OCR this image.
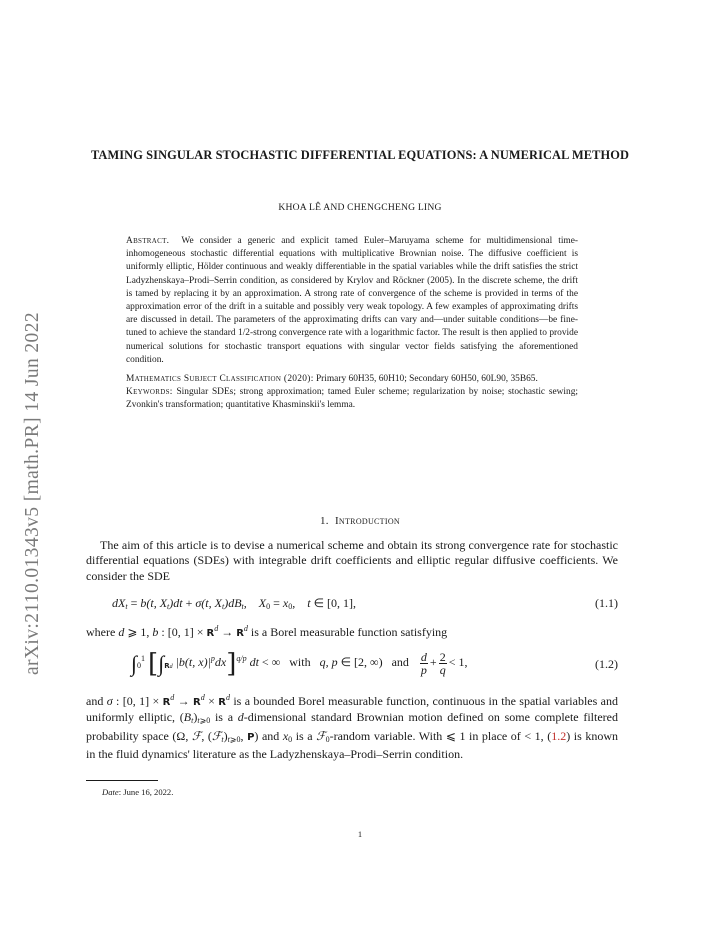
arXiv:2110.01343v5 [math.PR] 14 Jun 2022
TAMING SINGULAR STOCHASTIC DIFFERENTIAL EQUATIONS: A NUMERICAL METHOD
KHOA LÊ AND CHENGCHENG LING

Abstract. We consider a generic and explicit tamed Euler–Maruyama scheme for multidimensional time-inhomogeneous stochastic differential equations with multiplicative Brownian noise. The diffusive coefficient is uniformly elliptic, Hölder continuous and weakly differentiable in the spatial variables while the drift satisfies the strict Ladyzhenskaya–Prodi–Serrin condition, as considered by Krylov and Röckner (2005). In the discrete scheme, the drift is tamed by replacing it by an approximation. A strong rate of convergence of the scheme is provided in terms of the approximation error of the drift in a suitable and possibly very weak topology. A few examples of approximating drifts are discussed in detail. The parameters of the approximating drifts can vary and—under suitable conditions—be fine-tuned to achieve the standard 1/2-strong convergence rate with a logarithmic factor. The result is then applied to provide numerical solutions for stochastic transport equations with singular vector fields satisfying the aforementioned condition.

Mathematics Subject Classification (2020): Primary 60H35, 60H10; Secondary 60H50, 60L90, 35B65.

Keywords: Singular SDEs; strong approximation; tamed Euler scheme; regularization by noise; stochastic sewing; Zvonkin's transformation; quantitative Khasminskii's lemma.

1. Introduction

The aim of this article is to devise a numerical scheme and obtain its strong convergence rate for stochastic differential equations (SDEs) with integrable drift coefficients and elliptic regular diffusive coefficients. We consider the SDE

$dX_t = b(t$, $X_t)dt + \sigma(t$, $X_t)dB_t$,    $X_0 = x_0$,    t ∈ [0, 1],	(1.1)

where d ⩾ 1, b : [0, $1] \times R^d \to R^d$ is a Borel measurable function satisfying

$\int_0^1$ [$\int_{Rd}$ |b(t, $x)|^pdx]^{q/p}$ dt < ∞   with   q, p ∈ [2, ∞)   and $\frac{d}{p} + \frac{2}{q} < 1$,	(1.2)

and σ : [0, $1] \times R^d \to R^d \times R^d$ is a bounded Borel measurable function, continuous in the spatial variables and uniformly elliptic, $(B_t)_{t⩾0}$ is a d-dimensional standard Brownian motion defined on some complete filtered probability space (Ω, ℱ, $(ℱ_t)_{t⩾0}$, P) and $x_0$ is a ℱ$_0$-random variable. With ⩽ 1 in place of < 1, (1.2) is known in the fluid dynamics' literature as the Ladyzhenskaya–Prodi–Serrin condition.

Date: June 16, 2022.
1
